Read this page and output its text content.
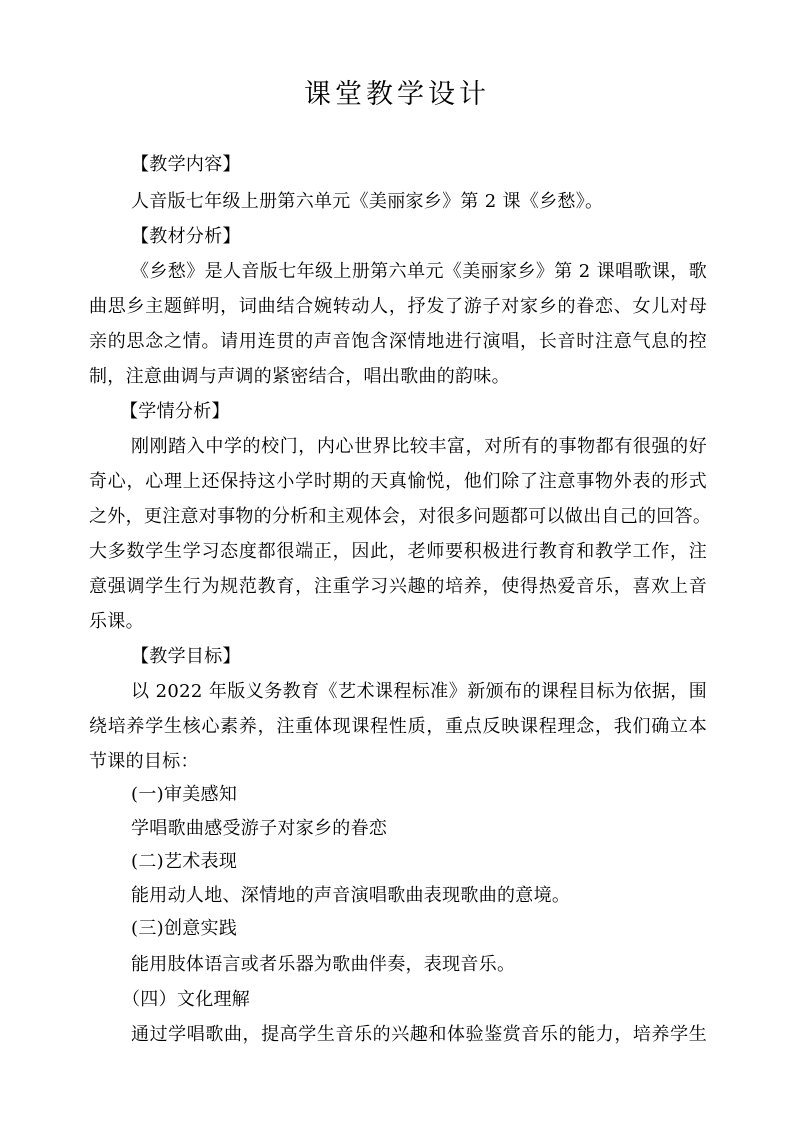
课堂教学设计
【教学内容】
人音版七年级上册第六单元《美丽家乡》第 2 课《乡愁》。
【教材分析】
《乡愁》是人音版七年级上册第六单元《美丽家乡》第 2 课唱歌课，歌
曲思乡主题鲜明，词曲结合婉转动人，抒发了游子对家乡的眷恋、女儿对母
亲的思念之情。请用连贯的声音饱含深情地进行演唱，长音时注意气息的控
制，注意曲调与声调的紧密结合，唱出歌曲的韵味。
【学情分析】
刚刚踏入中学的校门，内心世界比较丰富，对所有的事物都有很强的好
奇心，心理上还保持这小学时期的天真愉悦，他们除了注意事物外表的形式
之外，更注意对事物的分析和主观体会，对很多问题都可以做出自己的回答。
大多数学生学习态度都很端正，因此，老师要积极进行教育和教学工作，注
意强调学生行为规范教育，注重学习兴趣的培养，使得热爱音乐，喜欢上音
乐课。
【教学目标】
以 2022 年版义务教育《艺术课程标准》新颁布的课程目标为依据，围
绕培养学生核心素养，注重体现课程性质，重点反映课程理念，我们确立本
节课的目标：
(一)审美感知
学唱歌曲感受游子对家乡的眷恋
(二)艺术表现
能用动人地、深情地的声音演唱歌曲表现歌曲的意境。
(三)创意实践
能用肢体语言或者乐器为歌曲伴奏，表现音乐。
（四）文化理解
通过学唱歌曲，提高学生音乐的兴趣和体验鉴赏音乐的能力，培养学生
